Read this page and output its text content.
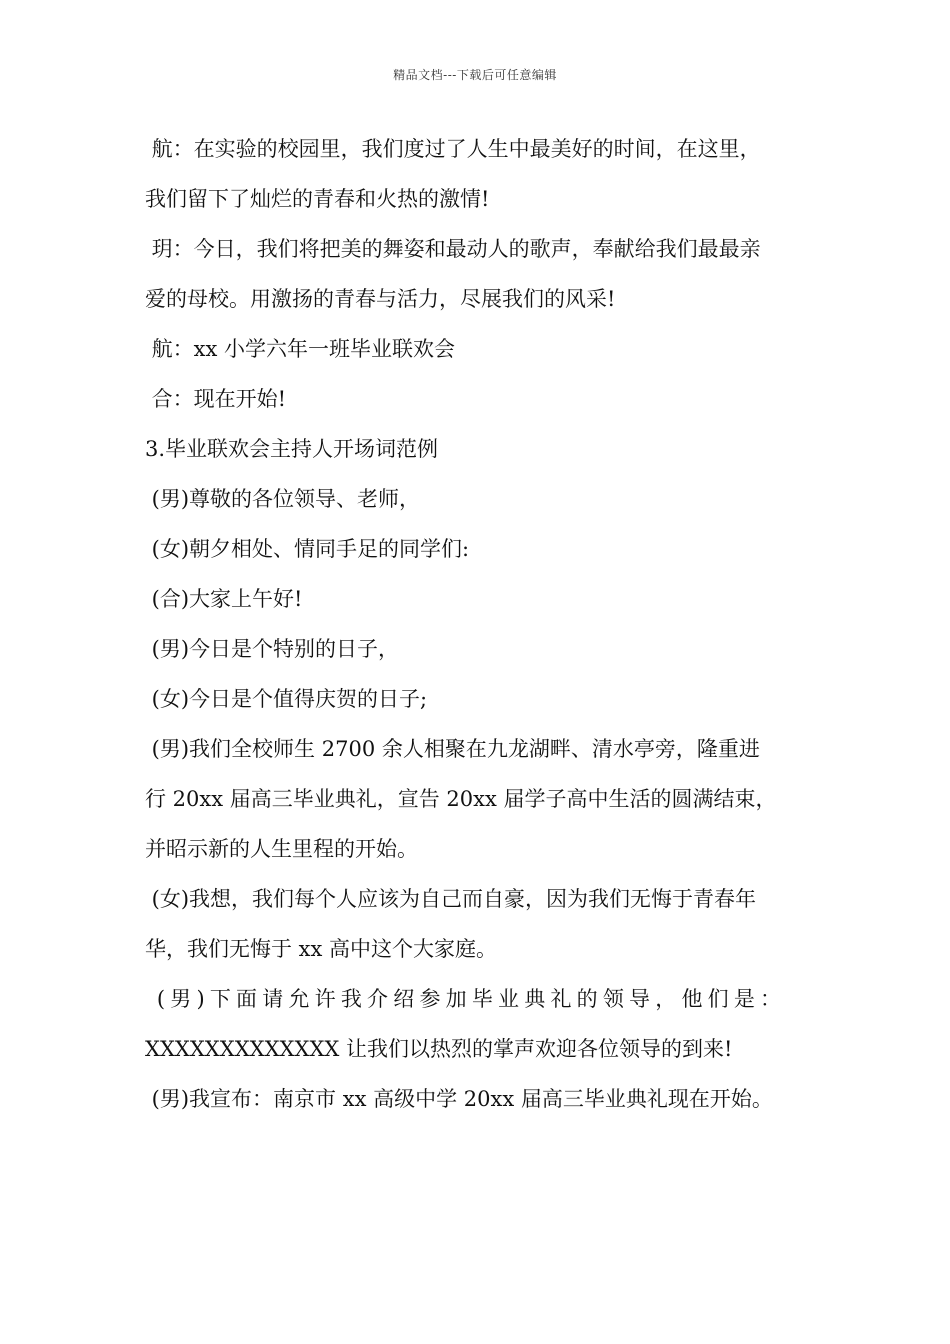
精品文档---下载后可任意编辑
航：在实验的校园里，我们度过了人生中最美好的时间，在这里，
我们留下了灿烂的青春和火热的激情!
玥：今日，我们将把美的舞姿和最动人的歌声，奉献给我们最最亲
爱的母校。用激扬的青春与活力，尽展我们的风采!
航：xx 小学六年一班毕业联欢会
合：现在开始!
3.毕业联欢会主持人开场词范例
(男)尊敬的各位领导、老师，
(女)朝夕相处、情同手足的同学们:
(合)大家上午好!
(男)今日是个特别的日子，
(女)今日是个值得庆贺的日子;
(男)我们全校师生 2700 余人相聚在九龙湖畔、清水亭旁，隆重进
行 20xx 届高三毕业典礼，宣告 20xx 届学子高中生活的圆满结束，
并昭示新的人生里程的开始。
(女)我想，我们每个人应该为自己而自豪，因为我们无悔于青春年
华，我们无悔于 xx 高中这个大家庭。
(男)下面请允许我介绍参加毕业典礼的领导，他们是：
XXXXXXXXXXXXX 让我们以热烈的掌声欢迎各位领导的到来!
(男)我宣布：南京市 xx 高级中学 20xx 届高三毕业典礼现在开始。
